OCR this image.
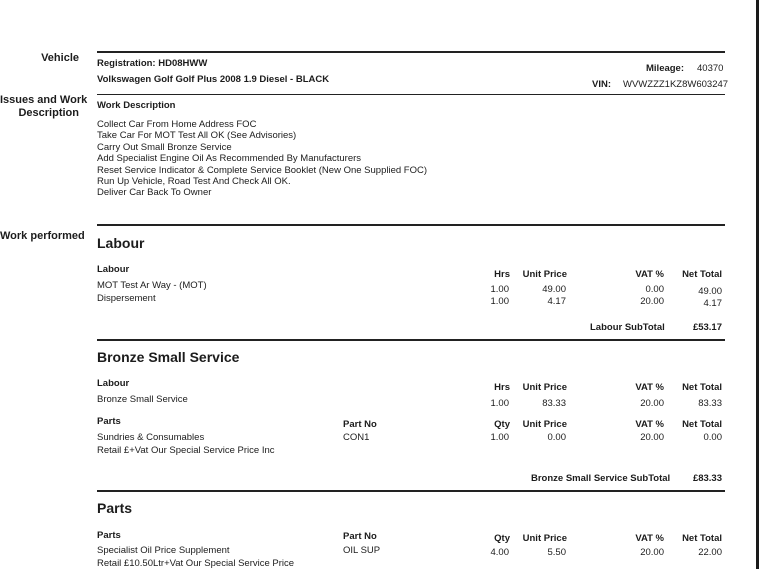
Vehicle
Issues and Work
Description
Work performed
Registration: HD08HWW
Volkswagen Golf Golf Plus 2008 1.9 Diesel - BLACK
Mileage: 40370
VIN: WVWZZZ1KZ8W603247
Work Description
Collect Car From Home Address FOC
Take Car For MOT Test All OK (See Advisories)
Carry Out Small Bronze Service
Add Specialist Engine Oil As Recommended By Manufacturers
Reset Service Indicator & Complete Service Booklet (New One Supplied FOC)
Run Up Vehicle, Road Test And Check All OK.
Deliver Car Back To Owner
Labour
Labour	Hrs	Unit Price	VAT %	Net Total
MOT Test Ar Way - (MOT)	1.00	49.00	0.00	49.00
Dispersement	1.00	4.17	20.00	4.17
Labour SubTotal	£53.17
Bronze Small Service
Labour	Hrs	Unit Price	VAT %	Net Total
Bronze Small Service	1.00	83.33	20.00	83.33
Parts	Part No	Qty	Unit Price	VAT %	Net Total
Sundries & Consumables	CON1	1.00	0.00	20.00	0.00
Retail £+Vat Our Special Service Price Inc
Bronze Small Service SubTotal	£83.33
Parts
Parts	Part No	Qty	Unit Price	VAT %	Net Total
Specialist Oil Price Supplement	OIL SUP	4.00	5.50	20.00	22.00
Retail £10.50Ltr+Vat Our Special Service Price
